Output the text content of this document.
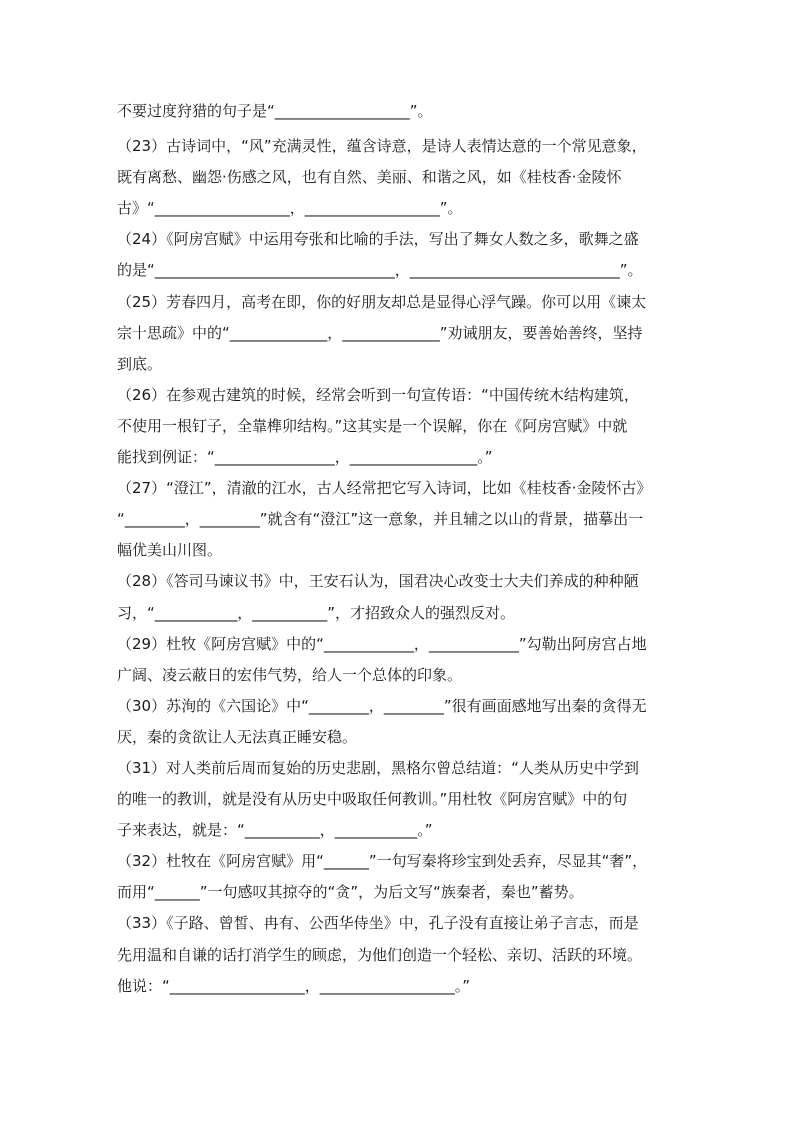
不要过度狩猎的句子是“__________________”。
（23）古诗词中，“风”充满灵性，蕴含诗意，是诗人表情达意的一个常见意象，
既有离愁、幽怨·伤感之风，也有自然、美丽、和谐之风，如《桂枝香·金陵怀
古》“__________________，__________________”。
（24）《阿房宫赋》中运用夸张和比喻的手法，写出了舞女人数之多，歌舞之盛
的是“________________________________，____________________________”。
（25）芳春四月，高考在即，你的好朋友却总是显得心浮气躁。你可以用《谏太
宗十思疏》中的“_____________，_____________”劝诫朋友，要善始善终，坚持
到底。
（26）在参观古建筑的时候，经常会听到一句宣传语：“中国传统木结构建筑，
不使用一根钉子，全靠榫卯结构。”这其实是一个误解，你在《阿房宫赋》中就
能找到例证：“________________，_________________。”
（27）“澄江”，清澈的江水，古人经常把它写入诗词，比如《桂枝香·金陵怀古》
“________，________”就含有“澄江”这一意象，并且辅之以山的背景，描摹出一
幅优美山川图。
（28）《答司马谏议书》中，王安石认为，国君决心改变士大夫们养成的种种陋
习，“___________，__________”，才招致众人的强烈反对。
（29）杜牧《阿房宫赋》中的“____________，____________”勾勒出阿房宫占地
广阔、凌云蔽日的宏伟气势，给人一个总体的印象。
（30）苏洵的《六国论》中“________，________”很有画面感地写出秦的贪得无
厌，秦的贪欲让人无法真正睡安稳。
（31）对人类前后周而复始的历史悲剧，黑格尔曾总结道：“人类从历史中学到
的唯一的教训，就是没有从历史中吸取任何教训。”用杜牧《阿房宫赋》中的句
子来表达，就是：“__________，___________。”
（32）杜牧在《阿房宫赋》用“______”一句写秦将珍宝到处丢弃，尽显其“奢”，
而用“______”一句感叹其掠夺的“贪”，为后文写“族秦者，秦也”蓄势。
（33）《子路、曾皙、冉有、公西华侍坐》中，孔子没有直接让弟子言志，而是
先用温和自谦的话打消学生的顾虑，为他们创造一个轻松、亲切、活跃的环境。
他说：“__________________，__________________。”
